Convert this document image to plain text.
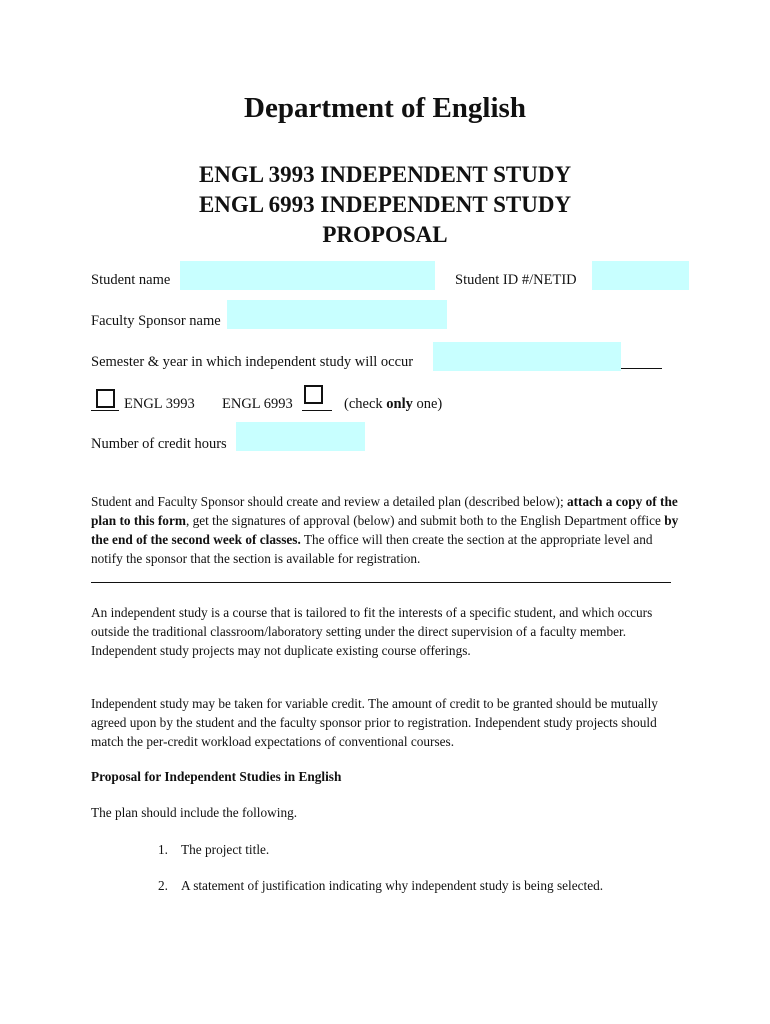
Department of English
ENGL 3993 INDEPENDENT STUDY
ENGL 6993 INDEPENDENT STUDY
PROPOSAL
Student name	Student ID #/NETID
Faculty Sponsor name
Semester & year in which independent study will occur
ENGL 3993 ENGL 6993	(check only one)
Number of credit hours
Student and Faculty Sponsor should create and review a detailed plan (described below); attach a copy of the plan to this form, get the signatures of approval (below) and submit both to the English Department office by the end of the second week of classes. The office will then create the section at the appropriate level and notify the sponsor that the section is available for registration.
An independent study is a course that is tailored to fit the interests of a specific student, and which occurs outside the traditional classroom/laboratory setting under the direct supervision of a faculty member. Independent study projects may not duplicate existing course offerings.
Independent study may be taken for variable credit. The amount of credit to be granted should be mutually agreed upon by the student and the faculty sponsor prior to registration. Independent study projects should match the per-credit workload expectations of conventional courses.
Proposal for Independent Studies in English
The plan should include the following.
1. The project title.
2. A statement of justification indicating why independent study is being selected.
